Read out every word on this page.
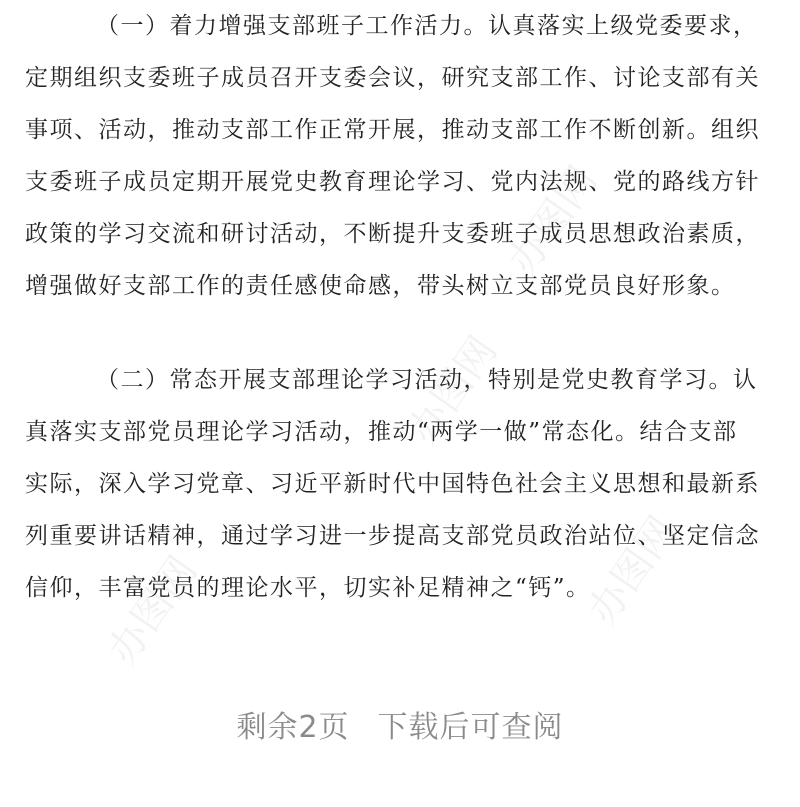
办图网
办图网
办图网
办图网
（一）着力增强支部班子工作活力。认真落实上级党委要求，
定期组织支委班子成员召开支委会议，研究支部工作、讨论支部有关
事项、活动，推动支部工作正常开展，推动支部工作不断创新。组织
支委班子成员定期开展党史教育理论学习、党内法规、党的路线方针
政策的学习交流和研讨活动，不断提升支委班子成员思想政治素质，
增强做好支部工作的责任感使命感，带头树立支部党员良好形象。
（二）常态开展支部理论学习活动，特别是党史教育学习。认
真落实支部党员理论学习活动，推动“两学一做”常态化。结合支部
实际，深入学习党章、习近平新时代中国特色社会主义思想和最新系
列重要讲话精神，通过学习进一步提高支部党员政治站位、坚定信念
信仰，丰富党员的理论水平，切实补足精神之“钙”。
剩余2页 下载后可查阅
